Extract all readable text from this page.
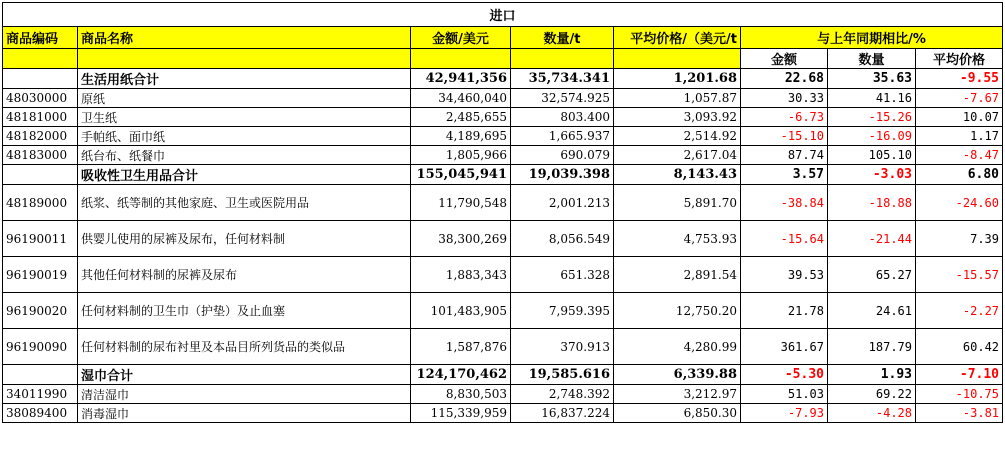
进口							
商品编码	商品名称	金额/美元	数量/t	平均价格/（美元/t	与上年同期相比/%		
					金额	数量	平均价格
	生活用纸合计	42,941,356	35,734.341	1,201.68	22.68	35.63	-9.55
48030000	原纸	34,460,040	32,574.925	1,057.87	30.33	41.16	-7.67
48181000	卫生纸	2,485,655	803.400	3,093.92	-6.73	-15.26	10.07
48182000	手帕纸、面巾纸	4,189,695	1,665.937	2,514.92	-15.10	-16.09	1.17
48183000	纸台布、纸餐巾	1,805,966	690.079	2,617.04	87.74	105.10	-8.47
	吸收性卫生用品合计	155,045,941	19,039.398	8,143.43	3.57	-3.03	6.80
48189000	纸浆、纸等制的其他家庭、卫生或医院用品	11,790,548	2,001.213	5,891.70	-38.84	-18.88	-24.60
96190011	供婴儿使用的尿裤及尿布，任何材料制	38,300,269	8,056.549	4,753.93	-15.64	-21.44	7.39
96190019	其他任何材料制的尿裤及尿布	1,883,343	651.328	2,891.54	39.53	65.27	-15.57
96190020	任何材料制的卫生巾（护垫）及止血塞	101,483,905	7,959.395	12,750.20	21.78	24.61	-2.27
96190090	任何材料制的尿布衬里及本品目所列货品的类似品	1,587,876	370.913	4,280.99	361.67	187.79	60.42
	湿巾合计	124,170,462	19,585.616	6,339.88	-5.30	1.93	-7.10
34011990	清洁湿巾	8,830,503	2,748.392	3,212.97	51.03	69.22	-10.75
38089400	消毒湿巾	115,339,959	16,837.224	6,850.30	-7.93	-4.28	-3.81
